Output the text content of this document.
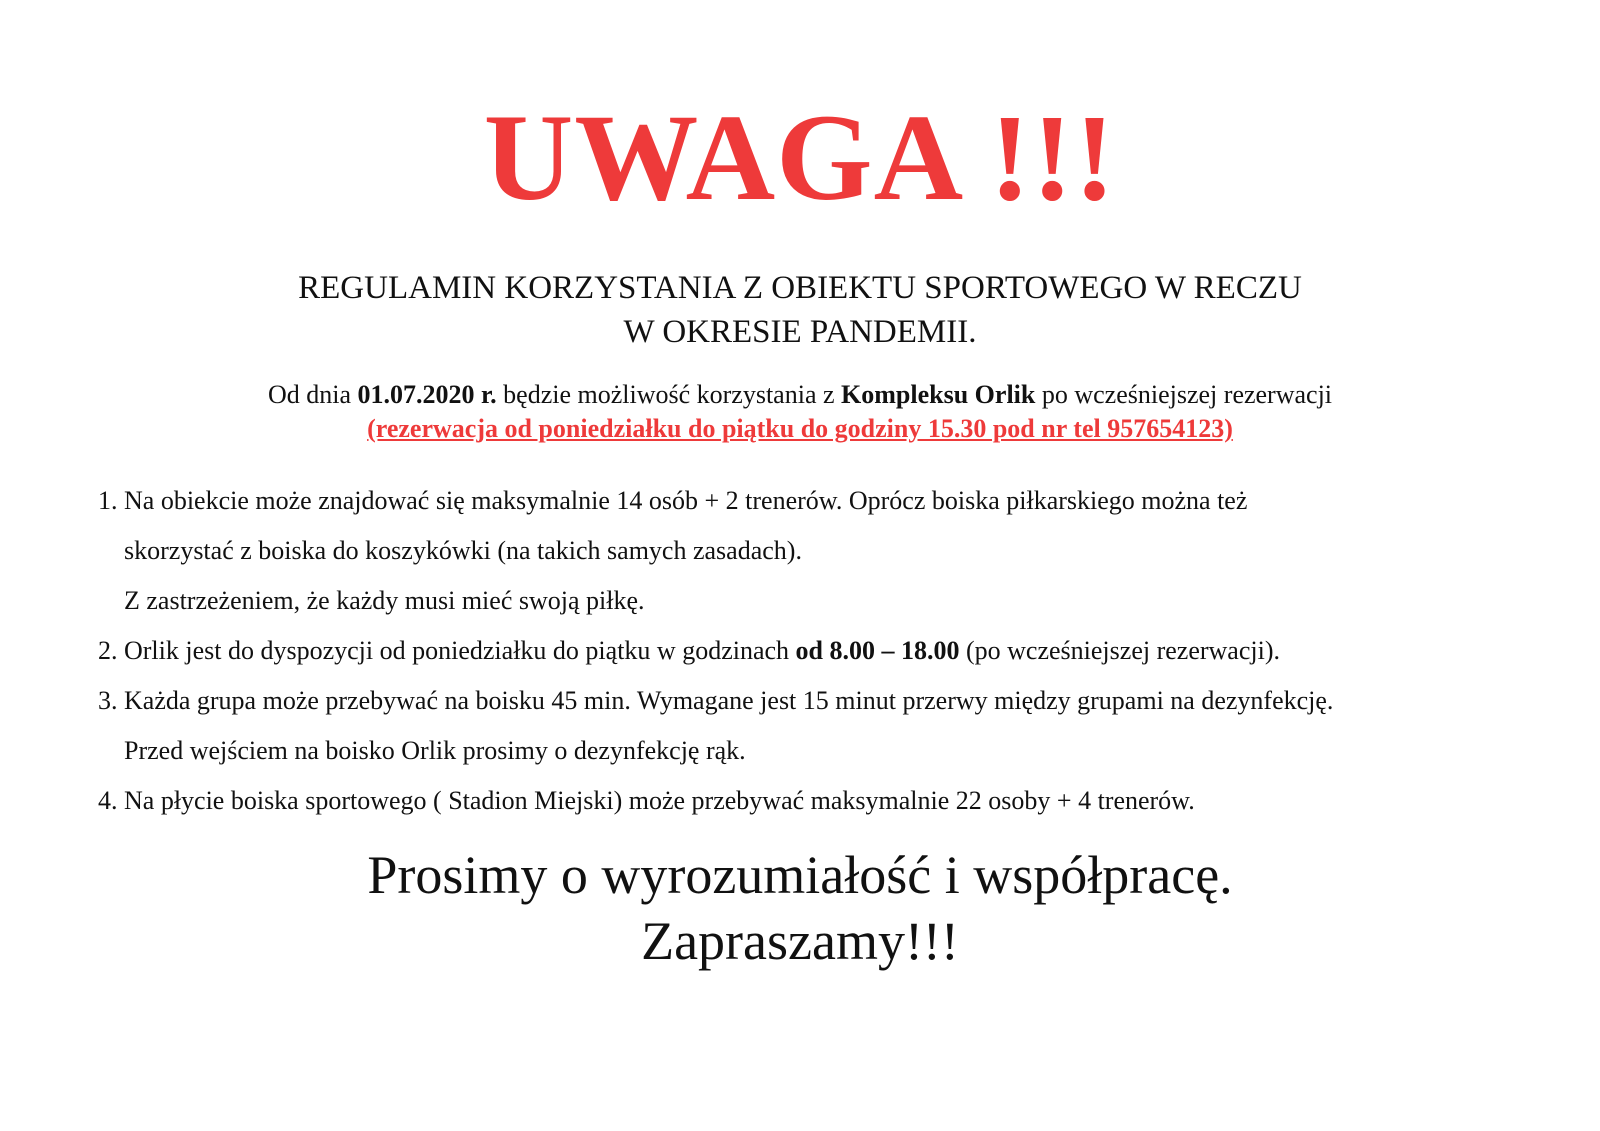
UWAGA !!!
REGULAMIN KORZYSTANIA Z OBIEKTU SPORTOWEGO W RECZU
W OKRESIE PANDEMII.
Od dnia 01.07.2020 r. będzie możliwość korzystania z Kompleksu Orlik po wcześniejszej rezerwacji
(rezerwacja od poniedziałku do piątku do godziny 15.30 pod nr tel 957654123)
1. Na obiekcie może znajdować się maksymalnie 14 osób + 2 trenerów. Oprócz boiska piłkarskiego można też
skorzystać z boiska do koszykówki (na takich samych zasadach).
Z zastrzeżeniem, że każdy musi mieć swoją piłkę.
2. Orlik jest do dyspozycji od poniedziałku do piątku w godzinach od 8.00 – 18.00 (po wcześniejszej rezerwacji).
3. Każda grupa może przebywać na boisku 45 min. Wymagane jest 15 minut przerwy między grupami na dezynfekcję.
Przed wejściem na boisko Orlik prosimy o dezynfekcję rąk.
4. Na płycie boiska sportowego ( Stadion Miejski) może przebywać maksymalnie 22 osoby + 4 trenerów.
Prosimy o wyrozumiałość i współpracę.
Zapraszamy!!!
